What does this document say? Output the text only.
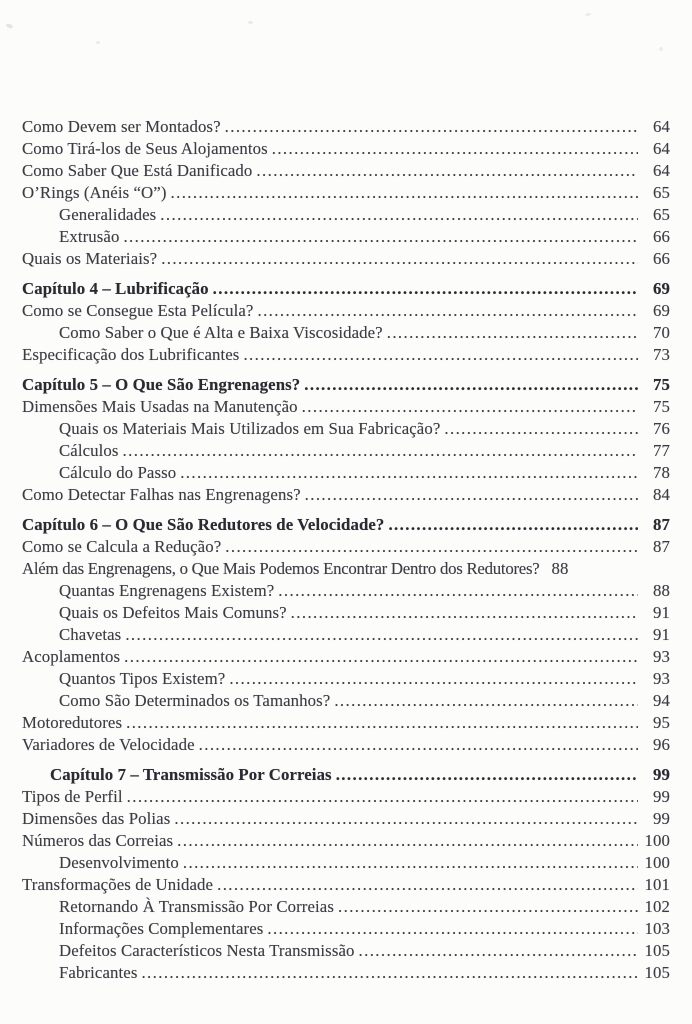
Como Devem ser Montados? .....	64
Como Tirá-los de Seus Alojamentos .....	64
Como Saber Que Está Danificado .....	64
O’Rings (Anéis “O”) .....	65
Generalidades .....	65
Extrusão .....	66
Quais os Materiais? .....	66
Capítulo 4 – Lubrificação .....	69
Como se Consegue Esta Película? .....	69
Como Saber o Que é Alta e Baixa Viscosidade? .....	70
Especificação dos Lubrificantes .....	73
Capítulo 5 – O Que São Engrenagens? .....	75
Dimensões Mais Usadas na Manutenção .....	75
Quais os Materiais Mais Utilizados em Sua Fabricação? .....	76
Cálculos .....	77
Cálculo do Passo .....	78
Como Detectar Falhas nas Engrenagens? .....	84
Capítulo 6 – O Que São Redutores de Velocidade? .....	87
Como se Calcula a Redução? .....	87
Além das Engrenagens, o Que Mais Podemos Encontrar Dentro dos Redutores? 88
Quantas Engrenagens Existem? .....	88
Quais os Defeitos Mais Comuns? .....	91
Chavetas .....	91
Acoplamentos .....	93
Quantos Tipos Existem? .....	93
Como São Determinados os Tamanhos? .....	94
Motoredutores .....	95
Variadores de Velocidade .....	96
Capítulo 7 – Transmissão Por Correias .....	99
Tipos de Perfil .....	99
Dimensões das Polias .....	99
Números das Correias .....	100
Desenvolvimento .....	100
Transformações de Unidade .....	101
Retornando À Transmissão Por Correias .....	102
Informações Complementares .....	103
Defeitos Característicos Nesta Transmissão .....	105
Fabricantes .....	105
